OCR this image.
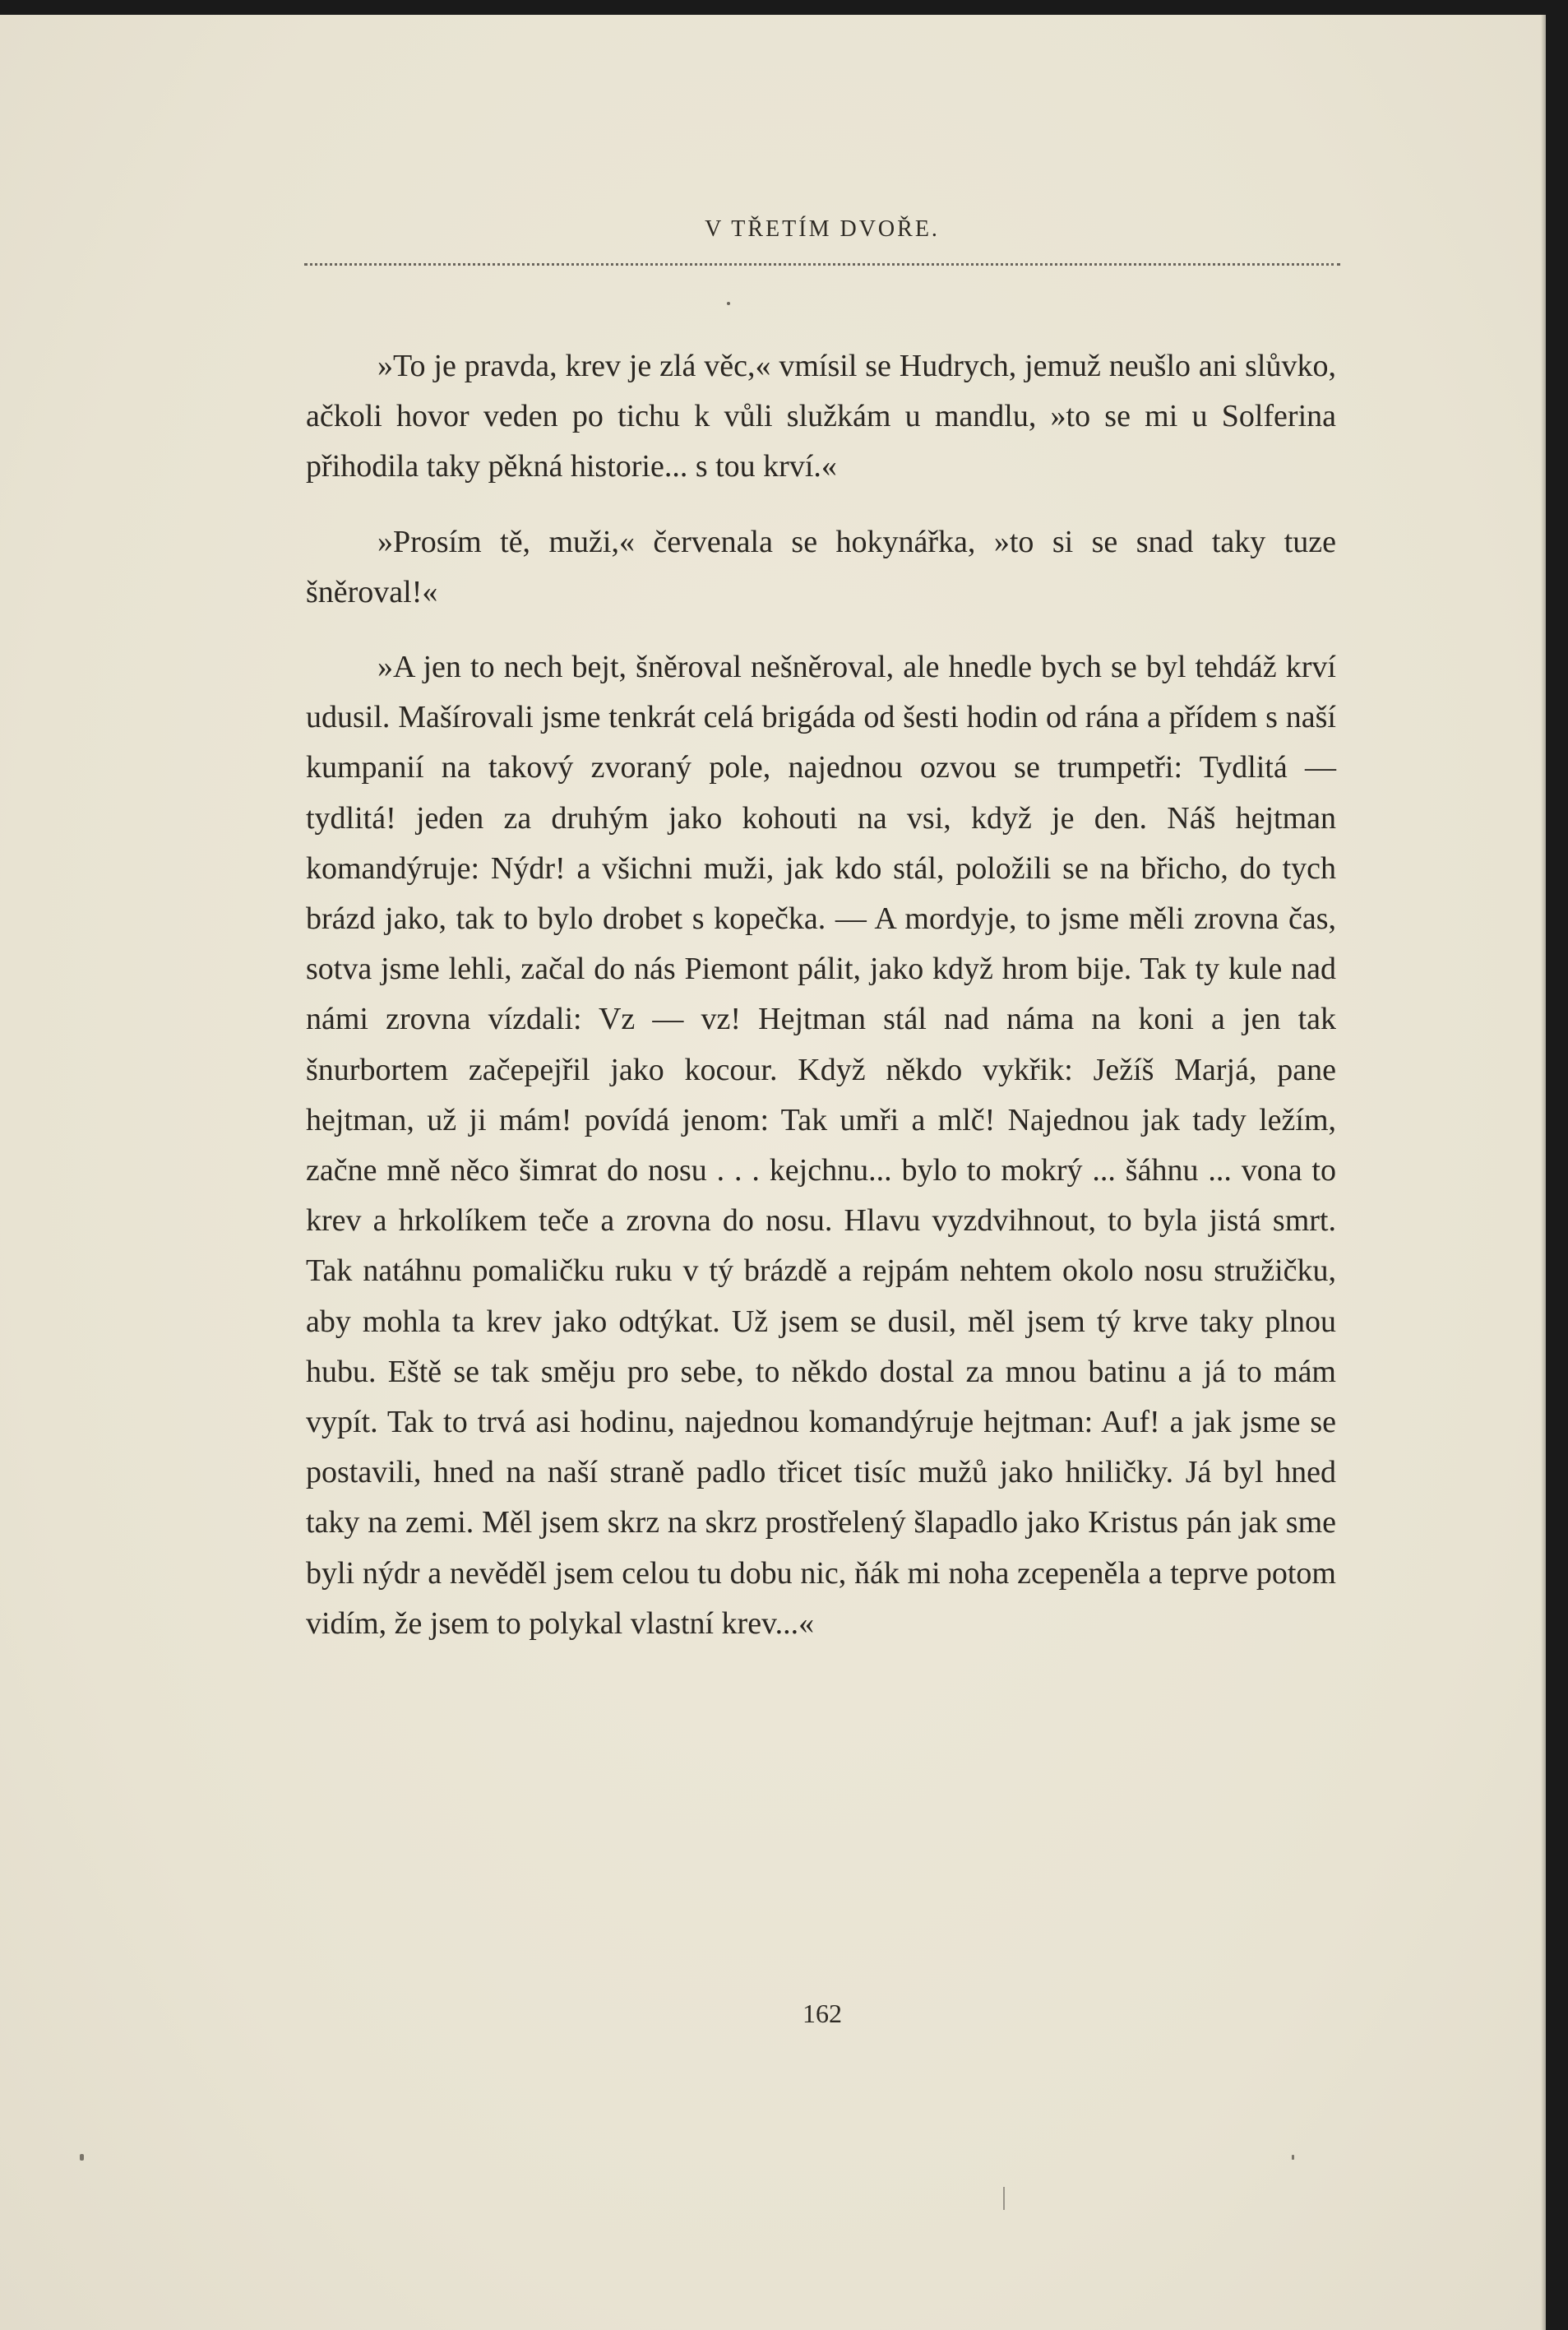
V TŘETÍM DVOŘE.

»To je pravda, krev je zlá věc,« vmísil se Hudrych, jemuž neušlo ani slůvko, ačkoli hovor veden po tichu k vůli služkám u mandlu, »to se mi u Solferina přihodila taky pěkná historie... s tou krví.«

»Prosím tě, muži,« červenala se hokynářka, »to si se snad taky tuze šněroval!«

»A jen to nech bejt, šněroval nešněroval, ale hnedle bych se byl tehdáž krví udusil. Mašírovali jsme tenkrát celá brigáda od šesti hodin od rána a přídem s naší kumpanií na takový zvoraný pole, najednou ozvou se trumpetři: Tydlitá — tydlitá! jeden za druhým jako kohouti na vsi, když je den. Náš hejtman komandýruje: Nýdr! a všichni muži, jak kdo stál, položili se na břicho, do tych brázd jako, tak to bylo drobet s kopečka. — A mordyje, to jsme měli zrovna čas, sotva jsme lehli, začal do nás Piemont pálit, jako když hrom bije. Tak ty kule nad námi zrovna vízdali: Vz — vz! Hejtman stál nad náma na koni a jen tak šnurbortem začepejřil jako kocour. Když někdo vykřik: Ježíš Marjá, pane hejtman, už ji mám! povídá jenom: Tak umři a mlč! Najednou jak tady ležím, začne mně něco šimrat do nosu . . . kejchnu... bylo to mokrý ... šáhnu ... vona to krev a hrkolíkem teče a zrovna do nosu. Hlavu vyzdvihnout, to byla jistá smrt. Tak natáhnu pomaličku ruku v tý brázdě a rejpám nehtem okolo nosu stružičku, aby mohla ta krev jako odtýkat. Už jsem se dusil, měl jsem tý krve taky plnou hubu. Eště se tak směju pro sebe, to někdo dostal za mnou batinu a já to mám vypít. Tak to trvá asi hodinu, najednou komandýruje hejtman: Auf! a jak jsme se postavili, hned na naší straně padlo třicet tisíc mužů jako hniličky. Já byl hned taky na zemi. Měl jsem skrz na skrz prostřelený šlapadlo jako Kristus pán jak sme byli nýdr a nevěděl jsem celou tu dobu nic, ňák mi noha zcepeněla a teprve potom vidím, že jsem to polykal vlastní krev...«

162
